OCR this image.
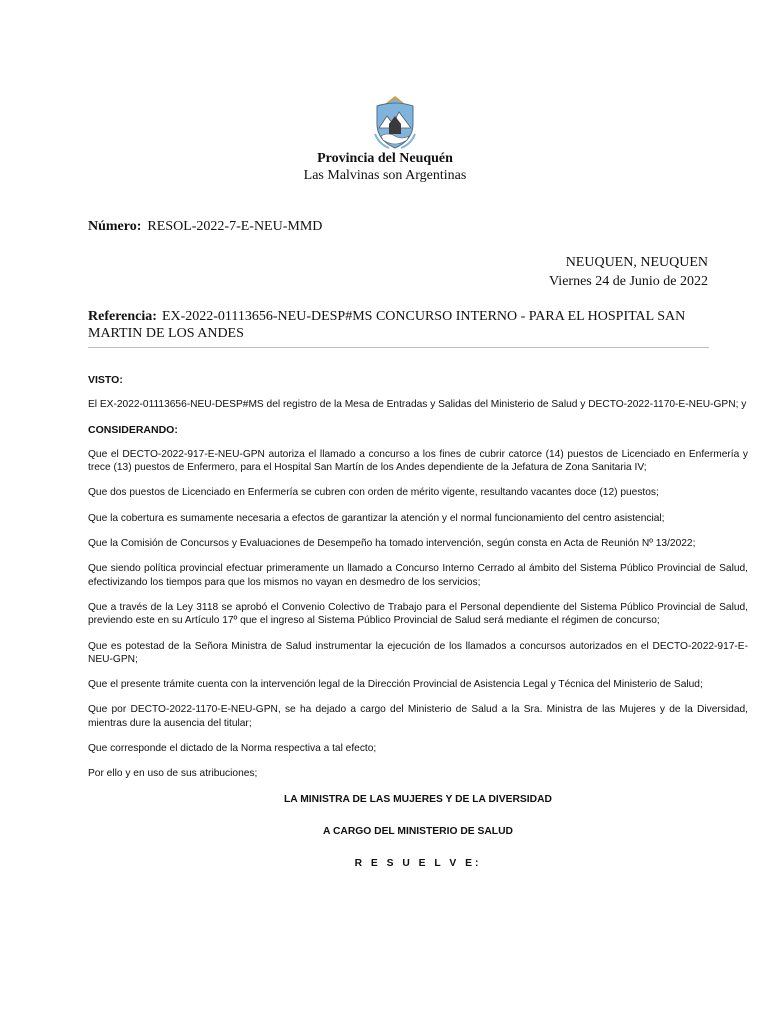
Provincia del Neuquén
Las Malvinas son Argentinas
Número: RESOL-2022-7-E-NEU-MMD
NEUQUEN, NEUQUEN
Viernes 24 de Junio de 2022
Referencia: EX-2022-01113656-NEU-DESP#MS CONCURSO INTERNO - PARA EL HOSPITAL SAN MARTIN DE LOS ANDES
VISTO:

El EX-2022-01113656-NEU-DESP#MS del registro de la Mesa de Entradas y Salidas del Ministerio de Salud y DECTO-2022-1170-E-NEU-GPN; y

CONSIDERANDO:

Que el DECTO-2022-917-E-NEU-GPN autoriza el llamado a concurso a los fines de cubrir catorce (14) puestos de Licenciado en Enfermería y trece (13) puestos de Enfermero, para el Hospital San Martín de los Andes dependiente de la Jefatura de Zona Sanitaria IV;

Que dos puestos de Licenciado en Enfermería se cubren con orden de mérito vigente, resultando vacantes doce (12) puestos;

Que la cobertura es sumamente necesaria a efectos de garantizar la atención y el normal funcionamiento del centro asistencial;

Que la Comisión de Concursos y Evaluaciones de Desempeño ha tomado intervención, según consta en Acta de Reunión Nº 13/2022;

Que siendo política provincial efectuar primeramente un llamado a Concurso Interno Cerrado al ámbito del Sistema Público Provincial de Salud, efectivizando los tiempos para que los mismos no vayan en desmedro de los servicios;

Que a través de la Ley 3118 se aprobó el Convenio Colectivo de Trabajo para el Personal dependiente del Sistema Público Provincial de Salud, previendo este en su Artículo 17º que el ingreso al Sistema Público Provincial de Salud será mediante el régimen de concurso;

Que es potestad de la Señora Ministra de Salud instrumentar la ejecución de los llamados a concursos autorizados en el DECTO-2022-917-E-NEU-GPN;

Que el presente trámite cuenta con la intervención legal de la Dirección Provincial de Asistencia Legal y Técnica del Ministerio de Salud;

Que por DECTO-2022-1170-E-NEU-GPN, se ha dejado a cargo del Ministerio de Salud a la Sra. Ministra de las Mujeres y de la Diversidad, mientras dure la ausencia del titular;

Que corresponde el dictado de la Norma respectiva a tal efecto;

Por ello y en uso de sus atribuciones;

LA MINISTRA DE LAS MUJERES Y DE LA DIVERSIDAD
A CARGO DEL MINISTERIO DE SALUD
R E S U E L V E:
